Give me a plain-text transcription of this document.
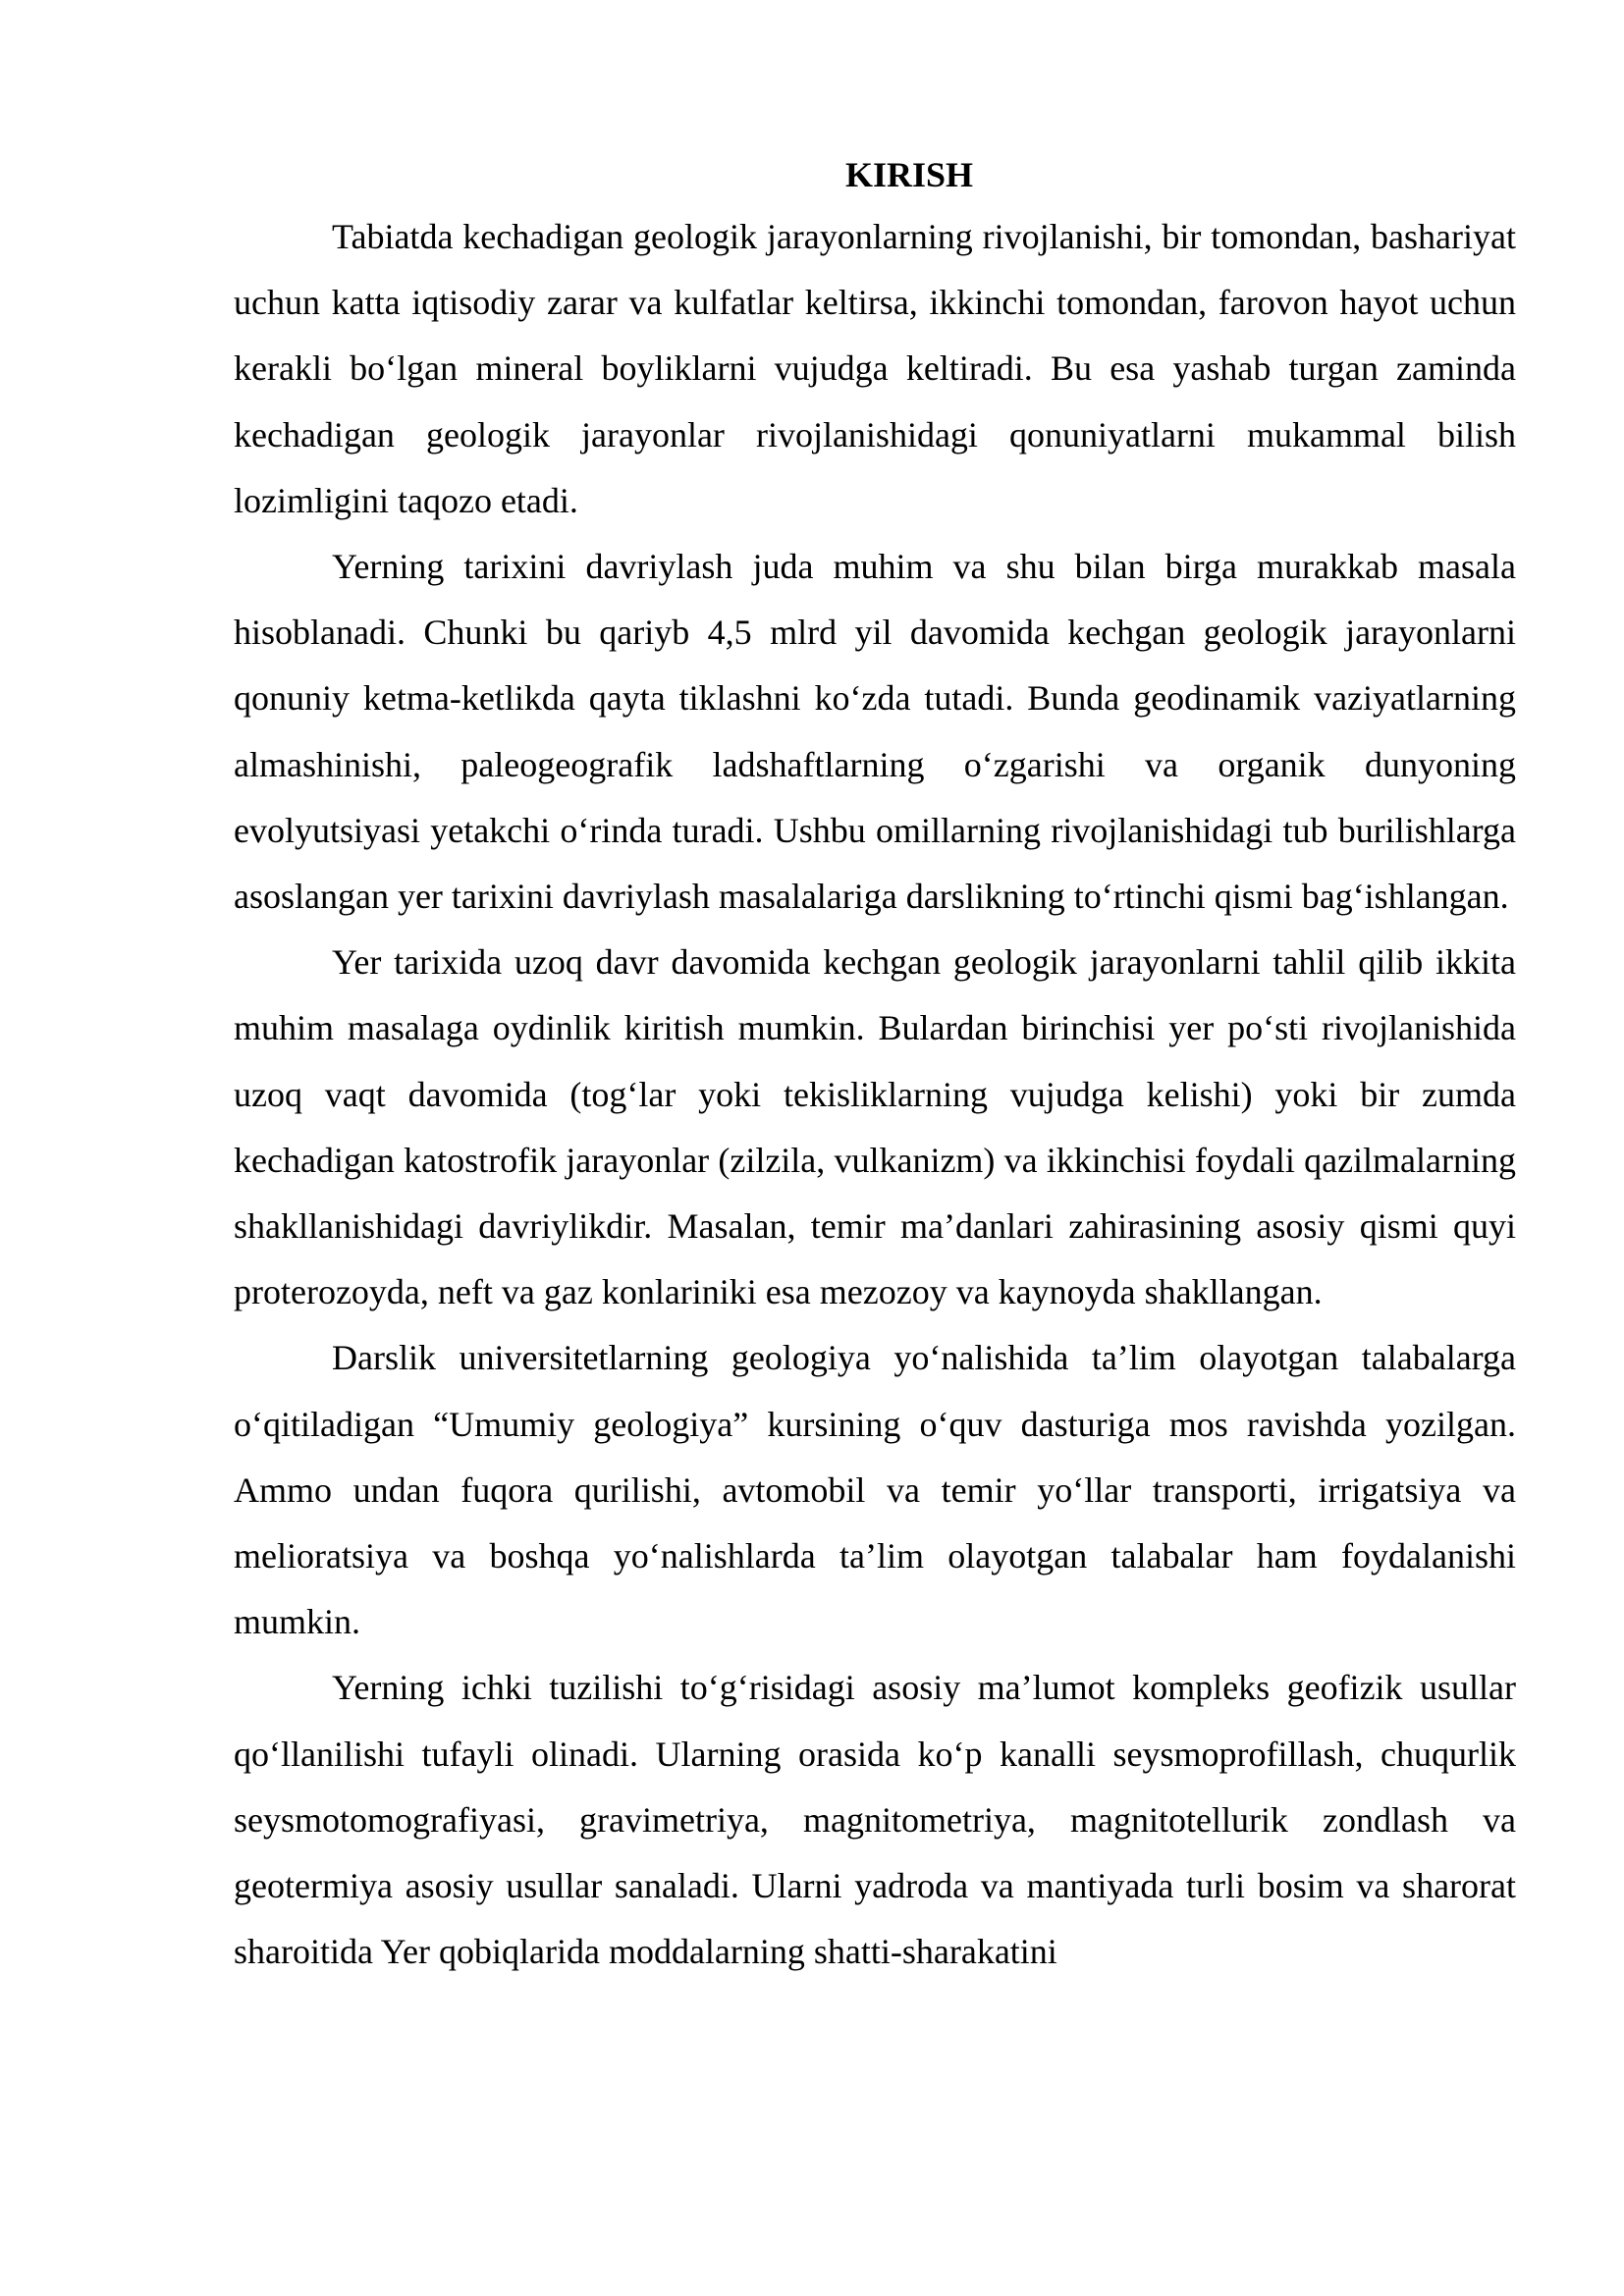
KIRISH

Tabiatda kechadigan geologik jarayonlarning rivojlanishi, bir tomondan, bashariyat uchun katta iqtisodiy zarar va kulfatlar keltirsa, ikkinchi tomondan, farovon hayot uchun kerakli bo‘lgan mineral boyliklarni vujudga keltiradi. Bu esa yashab turgan zaminda kechadigan geologik jarayonlar rivojlanishidagi qonuniyatlarni mukammal bilish lozimligini taqozo etadi.

Yerning tarixini davriylash juda muhim va shu bilan birga murakkab masala hisoblanadi. Chunki bu qariyb 4,5 mlrd yil davomida kechgan geologik jarayonlarni qonuniy ketma-ketlikda qayta tiklashni ko‘zda tutadi. Bunda geodinamik vaziyatlarning almashinishi, paleogeografik ladshaftlarning o‘zgarishi va organik dunyoning evolyutsiyasi yetakchi o‘rinda turadi. Ushbu omillarning rivojlanishidagi tub burilishlarga asoslangan yer tarixini davriylash masalalariga darslikning to‘rtinchi qismi bag‘ishlangan.

Yer tarixida uzoq davr davomida kechgan geologik jarayonlarni tahlil qilib ikkita muhim masalaga oydinlik kiritish mumkin. Bulardan birinchisi yer po‘sti rivojlanishida uzoq vaqt davomida (tog‘lar yoki tekisliklarning vujudga kelishi) yoki bir zumda kechadigan katostrofik jarayonlar (zilzila, vulkanizm) va ikkinchisi foydali qazilmalarning shakllanishidagi davriylikdir. Masalan, temir ma’danlari zahirasining asosiy qismi quyi proterozoyda, neft va gaz konlariniki esa mezozoy va kaynoyda shakllangan.

Darslik universitetlarning geologiya yo‘nalishida ta’lim olayotgan talabalarga o‘qitiladigan “Umumiy geologiya” kursining o‘quv dasturiga mos ravishda yozilgan. Ammo undan fuqora qurilishi, avtomobil va temir yo‘llar transporti, irrigatsiya va melioratsiya va boshqa yo‘nalishlarda ta’lim olayotgan talabalar ham foydalanishi mumkin.

Yerning ichki tuzilishi to‘g‘risidagi asosiy ma’lumot kompleks geofizik usullar qo‘llanilishi tufayli olinadi. Ularning orasida ko‘p kanalli seysmoprofillash, chuqurlik seysmotomografiyasi, gravimetriya, magnitometriya, magnitotellurik zondlash va geotermiya asosiy usullar sanaladi. Ularni yadroda va mantiyada turli bosim va sharorat sharoitida Yer qobiqlarida moddalarning shatti-sharakatini
